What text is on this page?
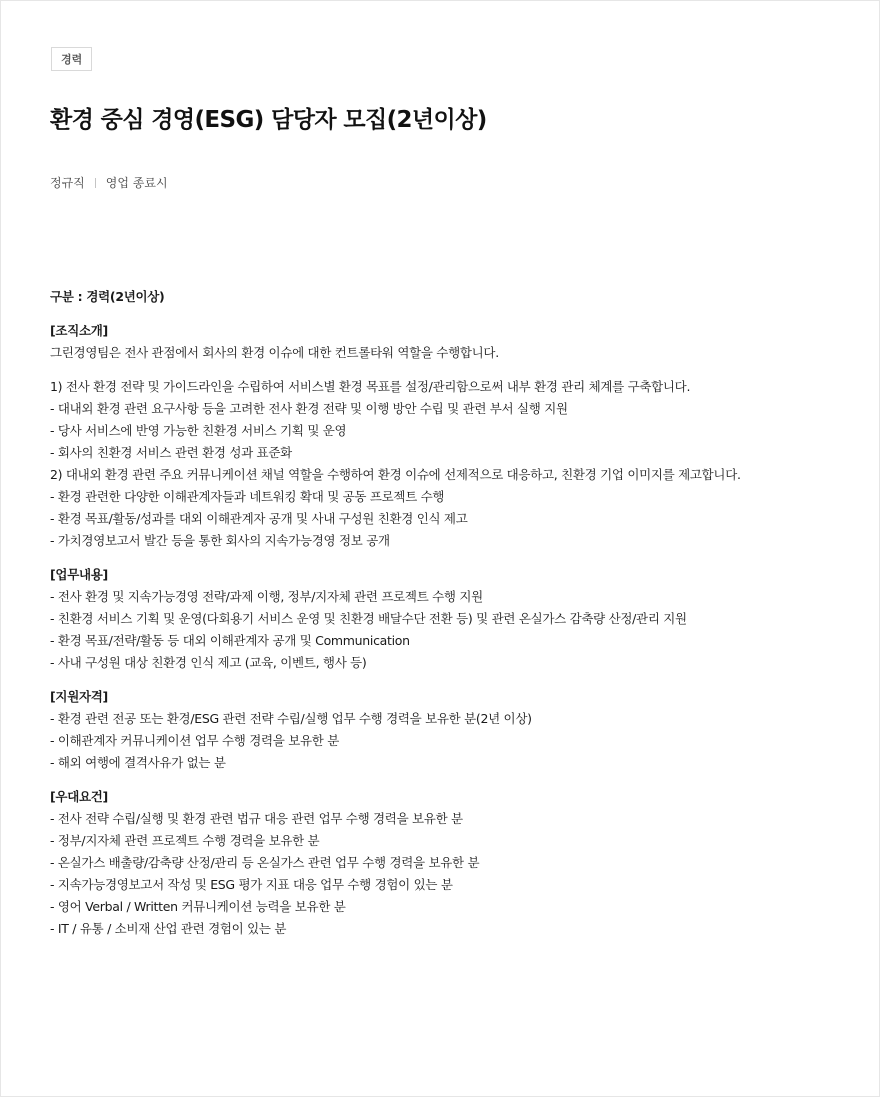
경력
환경 중심 경영(ESG) 담당자 모집(2년이상)
정규직 영업 종료시
구분 : 경력(2년이상)
[조직소개]
그린경영팀은 전사 관점에서 회사의 환경 이슈에 대한 컨트롤타워 역할을 수행합니다.
1) 전사 환경 전략 및 가이드라인을 수립하여 서비스별 환경 목표를 설정/관리함으로써 내부 환경 관리 체계를 구축합니다.
- 대내외 환경 관련 요구사항 등을 고려한 전사 환경 전략 및 이행 방안 수립 및 관련 부서 실행 지원
- 당사 서비스에 반영 가능한 친환경 서비스 기획 및 운영
- 회사의 친환경 서비스 관련 환경 성과 표준화
2) 대내외 환경 관련 주요 커뮤니케이션 채널 역할을 수행하여 환경 이슈에 선제적으로 대응하고, 친환경 기업 이미지를 제고합니다.
- 환경 관련한 다양한 이해관계자들과 네트워킹 확대 및 공동 프로젝트 수행
- 환경 목표/활동/성과를 대외 이해관계자 공개 및 사내 구성원 친환경 인식 제고
- 가치경영보고서 발간 등을 통한 회사의 지속가능경영 정보 공개
[업무내용]
- 전사 환경 및 지속가능경영 전략/과제 이행, 정부/지자체 관련 프로젝트 수행 지원
- 친환경 서비스 기획 및 운영(다회용기 서비스 운영 및 친환경 배달수단 전환 등) 및 관련 온실가스 감축량 산정/관리 지원
- 환경 목표/전략/활동 등 대외 이해관계자 공개 및 Communication
- 사내 구성원 대상 친환경 인식 제고 (교육, 이벤트, 행사 등)
[지원자격]
- 환경 관련 전공 또는 환경/ESG 관련 전략 수립/실행 업무 수행 경력을 보유한 분(2년 이상)
- 이해관계자 커뮤니케이션 업무 수행 경력을 보유한 분
- 해외 여행에 결격사유가 없는 분
[우대요건]
- 전사 전략 수립/실행 및 환경 관련 법규 대응 관련 업무 수행 경력을 보유한 분
- 정부/지자체 관련 프로젝트 수행 경력을 보유한 분
- 온실가스 배출량/감축량 산정/관리 등 온실가스 관련 업무 수행 경력을 보유한 분
- 지속가능경영보고서 작성 및 ESG 평가 지표 대응 업무 수행 경험이 있는 분
- 영어 Verbal / Written 커뮤니케이션 능력을 보유한 분
- IT / 유통 / 소비재 산업 관련 경험이 있는 분
